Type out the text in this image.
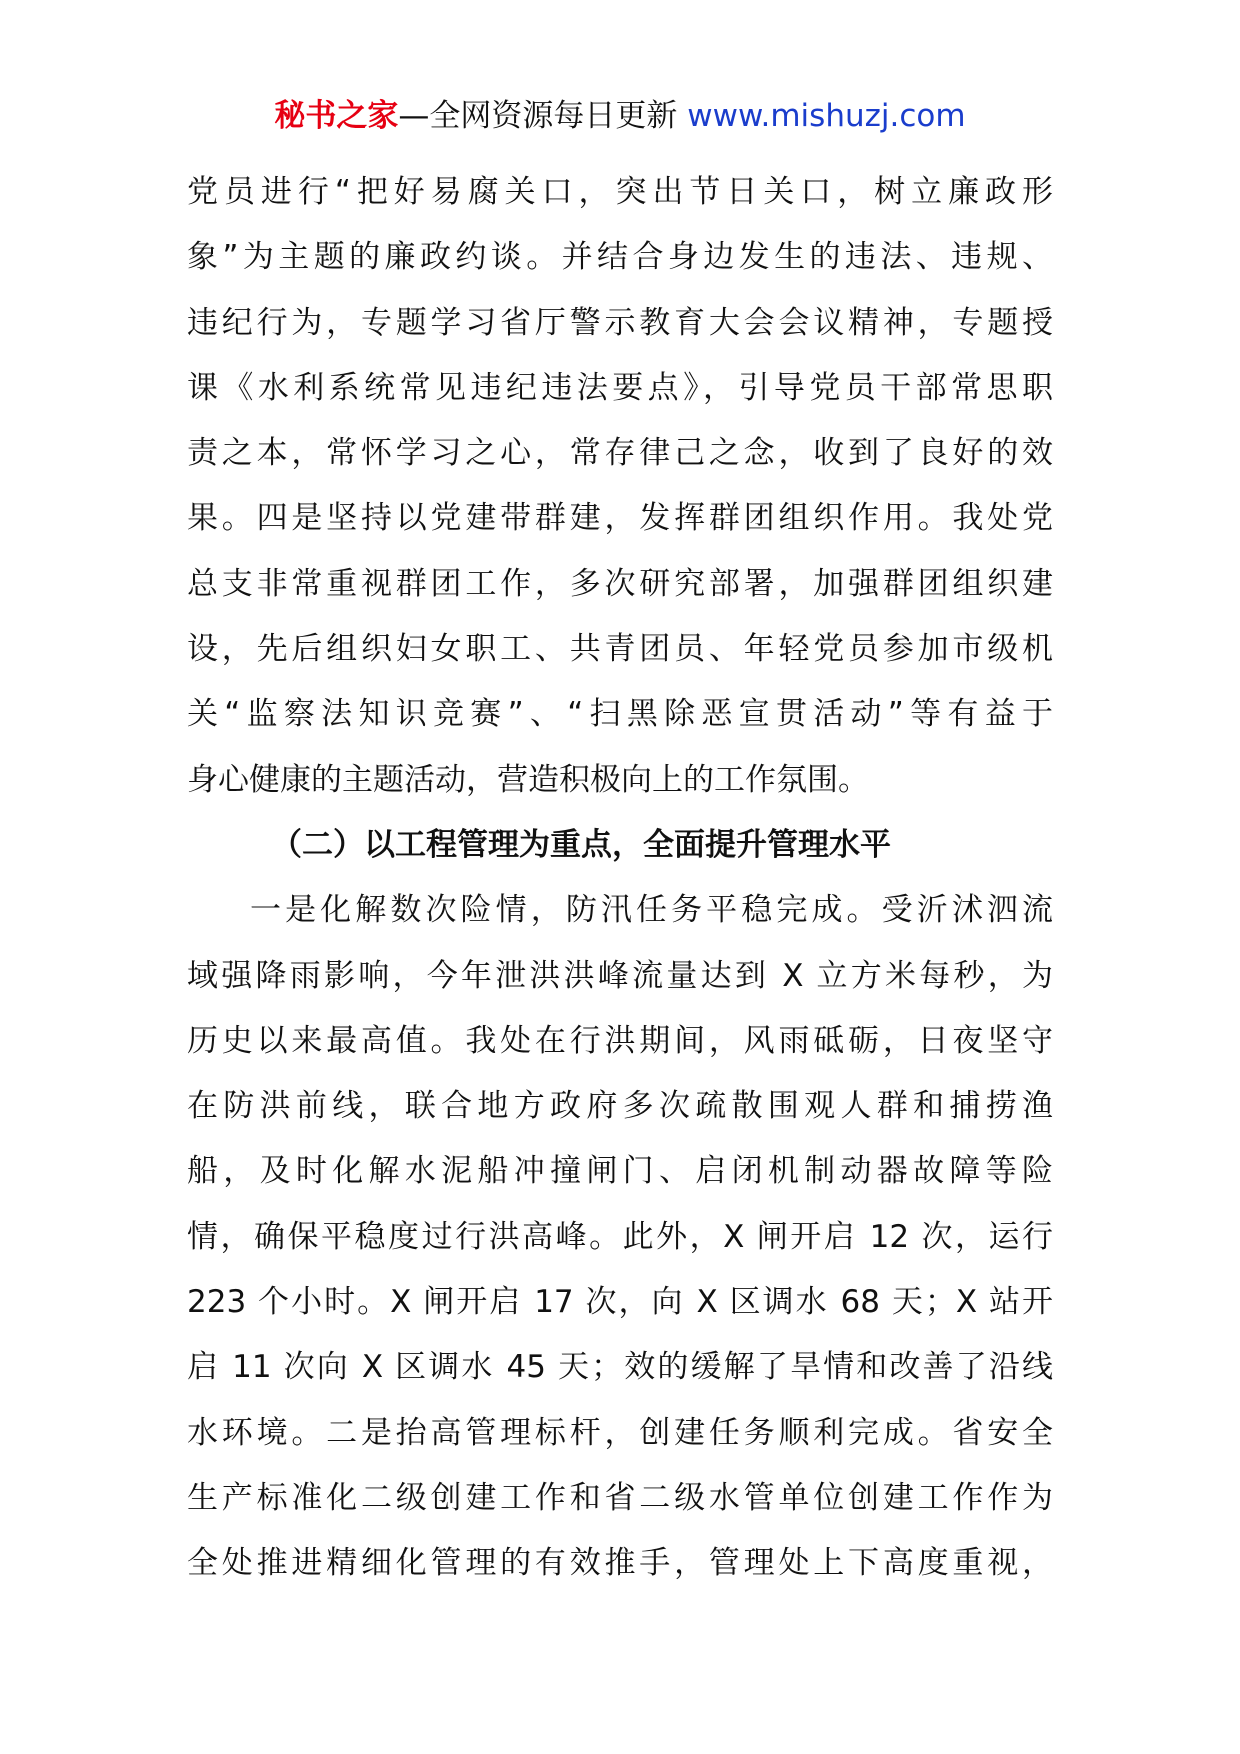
秘书之家—全网资源每日更新 www.mishuzj.com
党员进行“把好易腐关口，突出节日关口，树立廉政形
象”为主题的廉政约谈。并结合身边发生的违法、违规、
违纪行为，专题学习省厅警示教育大会会议精神，专题授
课《水利系统常见违纪违法要点》，引导党员干部常思职
责之本，常怀学习之心，常存律己之念，收到了良好的效
果。四是坚持以党建带群建，发挥群团组织作用。我处党
总支非常重视群团工作，多次研究部署，加强群团组织建
设，先后组织妇女职工、共青团员、年轻党员参加市级机
关“监察法知识竞赛”、“扫黑除恶宣贯活动”等有益于
身心健康的主题活动，营造积极向上的工作氛围。
（二）以工程管理为重点，全面提升管理水平
一是化解数次险情，防汛任务平稳完成。受沂沭泗流
域强降雨影响，今年泄洪洪峰流量达到 X 立方米每秒，为
历史以来最高值。我处在行洪期间，风雨砥砺，日夜坚守
在防洪前线，联合地方政府多次疏散围观人群和捕捞渔
船，及时化解水泥船冲撞闸门、启闭机制动器故障等险
情，确保平稳度过行洪高峰。此外，X 闸开启 12 次，运行
223 个小时。X 闸开启 17 次，向 X 区调水 68 天；X 站开
启 11 次向 X 区调水 45 天；效的缓解了旱情和改善了沿线
水环境。二是抬高管理标杆，创建任务顺利完成。省安全
生产标准化二级创建工作和省二级水管单位创建工作作为
全处推进精细化管理的有效推手，管理处上下高度重视，
